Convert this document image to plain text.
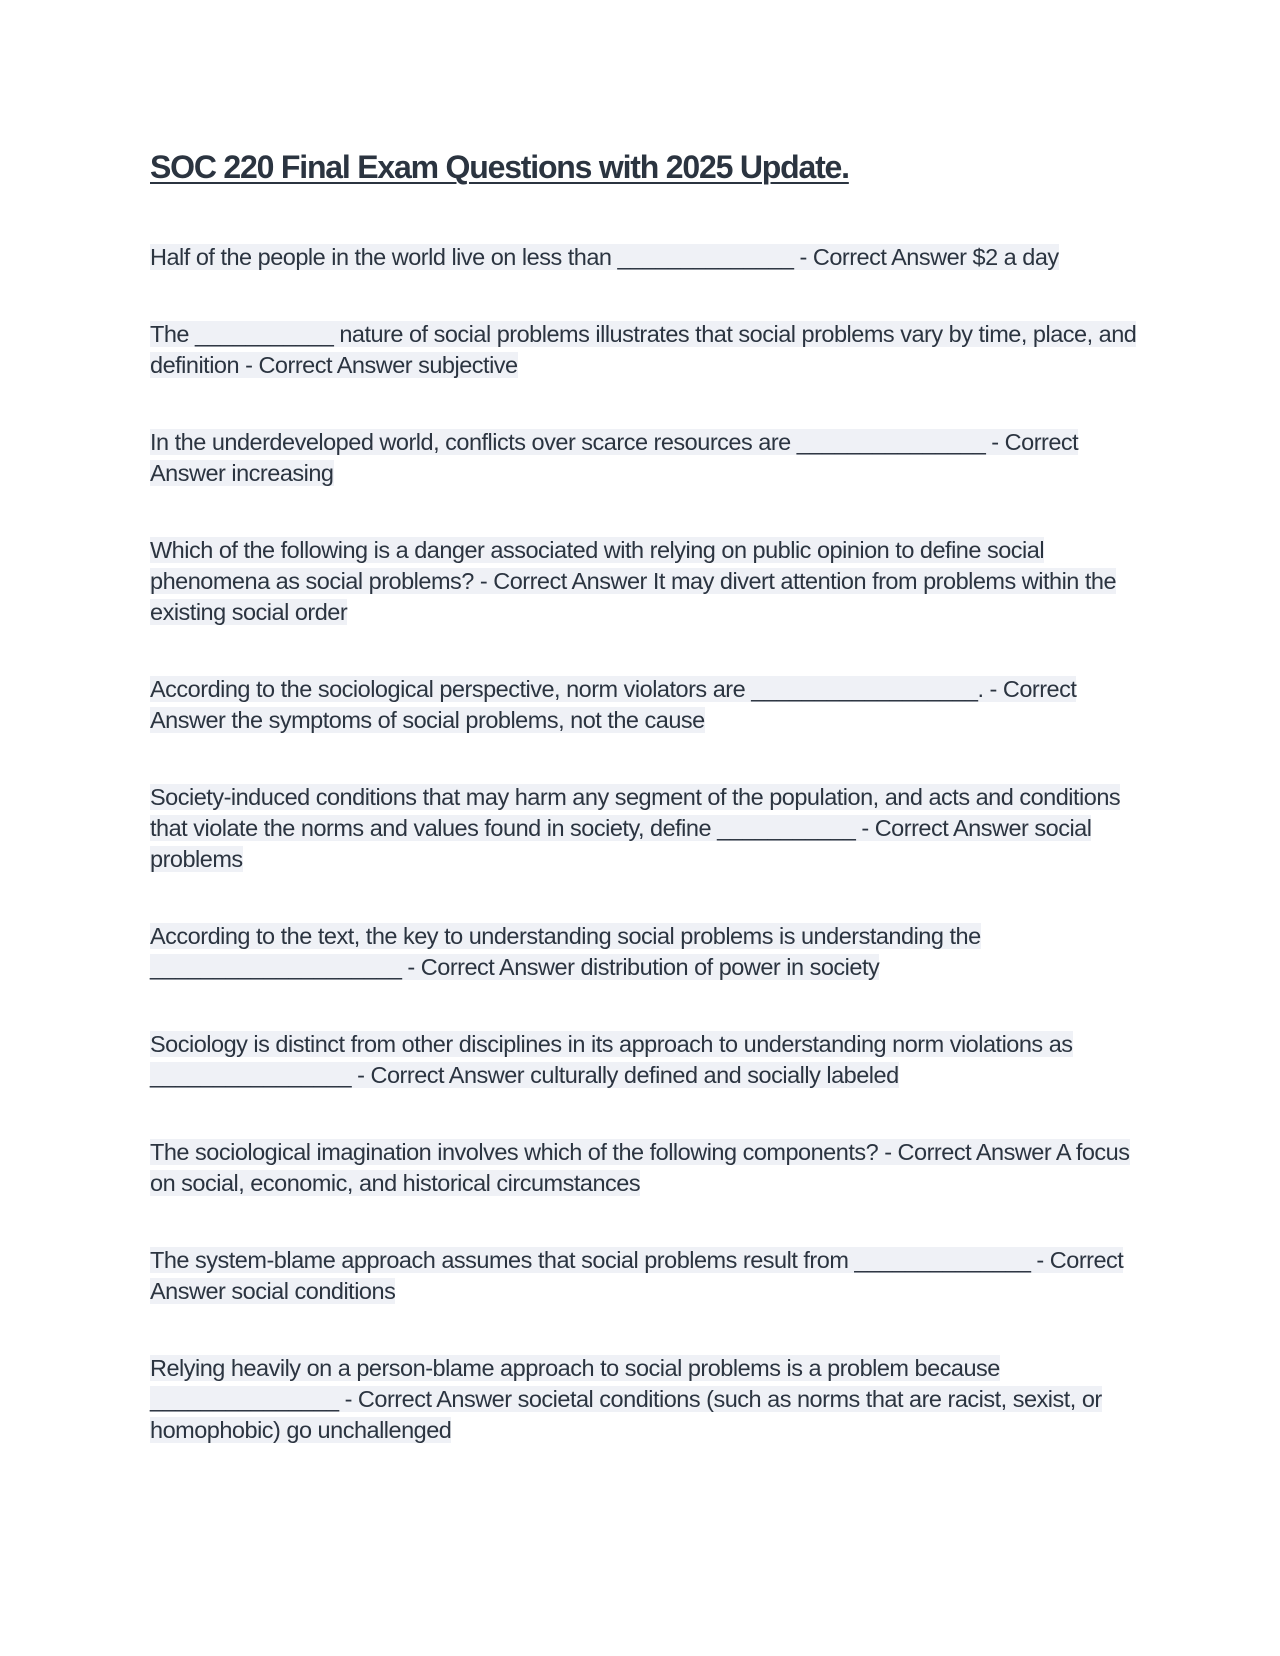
SOC 220 Final Exam Questions with 2025 Update.

Half of the people in the world live on less than ______________ - Correct Answer $2 a day

The ___________ nature of social problems illustrates that social problems vary by time, place, and definition - Correct Answer subjective

In the underdeveloped world, conflicts over scarce resources are _______________ - Correct Answer increasing

Which of the following is a danger associated with relying on public opinion to define social phenomena as social problems? - Correct Answer It may divert attention from problems within the existing social order

According to the sociological perspective, norm violators are __________________. - Correct Answer the symptoms of social problems, not the cause

Society-induced conditions that may harm any segment of the population, and acts and conditions that violate the norms and values found in society, define ___________ - Correct Answer social problems

According to the text, the key to understanding social problems is understanding the ____________________ - Correct Answer distribution of power in society

Sociology is distinct from other disciplines in its approach to understanding norm violations as ________________ - Correct Answer culturally defined and socially labeled

The sociological imagination involves which of the following components? - Correct Answer A focus on social, economic, and historical circumstances

The system-blame approach assumes that social problems result from ______________ - Correct Answer social conditions

Relying heavily on a person-blame approach to social problems is a problem because _______________ - Correct Answer societal conditions (such as norms that are racist, sexist, or homophobic) go unchallenged
